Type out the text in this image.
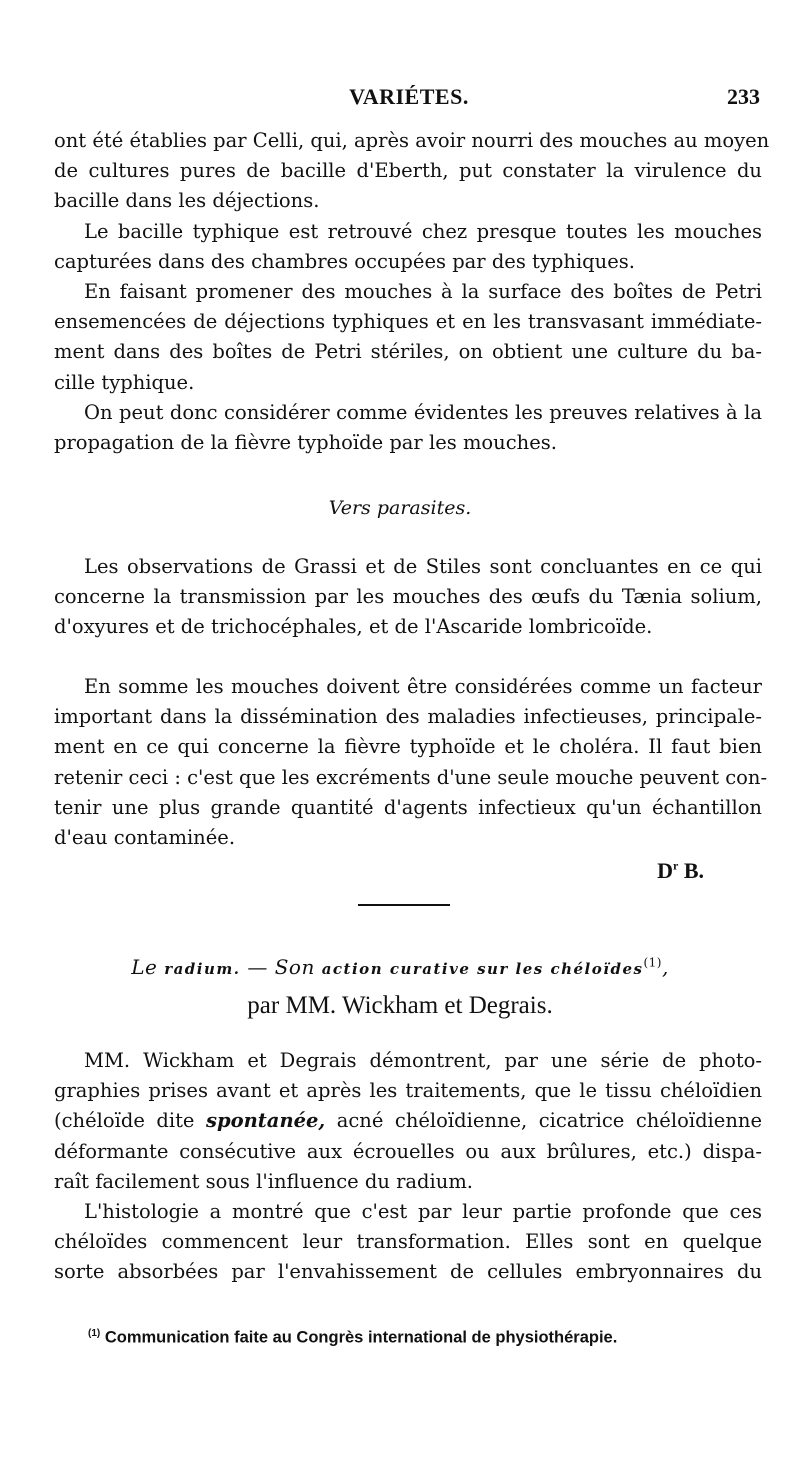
VARIÉTES.	233

ont été établies par Celli, qui, après avoir nourri des mouches au moyen
de cultures pures de bacille d'Eberth, put constater la virulence du
bacille dans les déjections.

Le bacille typhique est retrouvé chez presque toutes les mouches
capturées dans des chambres occupées par des typhiques.

En faisant promener des mouches à la surface des boîtes de Petri
ensemencées de déjections typhiques et en les transvasant immédiate-
ment dans des boîtes de Petri stériles, on obtient une culture du ba-
cille typhique.

On peut donc considérer comme évidentes les preuves relatives à la
propagation de la fièvre typhoïde par les mouches.

Vers parasites.

Les observations de Grassi et de Stiles sont concluantes en ce qui
concerne la transmission par les mouches des œufs du Tænia solium,
d'oxyures et de trichocéphales, et de l'Ascaride lombricoïde.

En somme les mouches doivent être considérées comme un facteur
important dans la dissémination des maladies infectieuses, principale-
ment en ce qui concerne la fièvre typhoïde et le choléra. Il faut bien
retenir ceci : c'est que les excréments d'une seule mouche peuvent con-
tenir une plus grande quantité d'agents infectieux qu'un échantillon
d'eau contaminée.

$D^r$ B.
Le radium. — Son action curative sur les chéloïdes$^{(1)}$,
par MM. Wickham et Degrais.

MM. Wickham et Degrais démontrent, par une série de photo-
graphies prises avant et après les traitements, que le tissu chéloïdien
(chéloïde dite spontanée, acné chéloïdienne, cicatrice chéloïdienne
déformante consécutive aux écrouelles ou aux brûlures, etc.) dispa-
raît facilement sous l'influence du radium.

L'histologie a montré que c'est par leur partie profonde que ces
chéloïdes commencent leur transformation. Elles sont en quelque
sorte absorbées par l'envahissement de cellules embryonnaires du

$^{(1)}$ Communication faite au Congrès international de physiothérapie.
